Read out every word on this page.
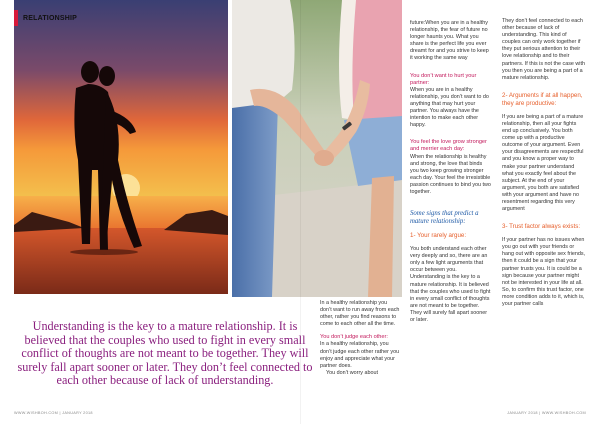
RELATIONSHIP
Understanding is the key to a mature relationship. It is believed that the couples who used to fight in every small conflict of thoughts are not meant to be together. They will surely fall apart sooner or later. They don’t feel connected to each other because of lack of understanding.

In a healthy relationship you don’t want to run away from each other, rather you find reasons to come to each other all the time.

You don’t judge each other:

In a healthy relationship, you don’t judge each other rather you enjoy and appreciate what your partner does.

You don’t worry about

future:When you are in a healthy relationship, the fear of future no longer haunts you. What you share is the perfect life you ever dreamt for and you strive to keep it working the same way

You don’t want to hurt your partner:

When you are in a healthy relationship, you don’t want to do anything that may hurt your partner. You always have the intention to make each other happy.

You feel the love grow stronger and merrier each day:

When the relationship is healthy and strong, the love that binds you two keep growing stronger each day. Your feel the irresistible passion continues to bind you two together.

Some signs that predict a mature relationship:

1- Your rarely argue:

You both understand each other very deeply and so, there are an only a few light arguments that occur between you. Understanding is the key to a mature relationship. It is believed that the couples who used to fight in every small conflict of thoughts are not meant to be together. They will surely fall apart sooner or later.

They don’t feel connected to each other because of lack of understanding. This kind of couples can only work together if they put serious attention to their love relationship and to their partners. If this is not the case with you then you are being a part of a mature relationship.

2- Arguments if at all happen, they are productive:

If you are being a part of a mature relationship, then all your fights end up conclusively. You both come up with a productive outcome of your argument. Even your disagreements are respectful and you know a proper way to make your partner understand what you exactly feel about the subject. At the end of your argument, you both are satisfied with your argument and have no resentment regarding this very argument

3- Trust factor always exists:

If your partner has no issues when you go out with your friends or hang out with opposite sex friends, then it could be a sign that your partner trusts you. It is could be a sign because your partner might not be interested in your life at all. So, to confirm this trust factor, one more condition adds to it, which is, your partner calls

WWW.WISHBOH.COM | JANUARY 2018	JANUARY 2018 | WWW.WISHBOH.COM
